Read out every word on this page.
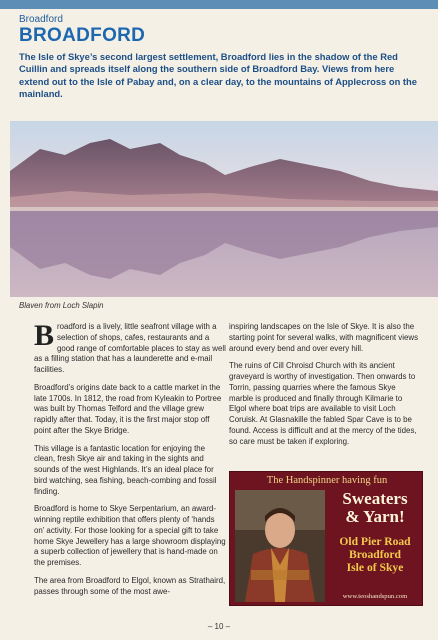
Broadford
BROADFORD
The Isle of Skye’s second largest settlement, Broadford lies in the shadow of the Red Cuillin and spreads itself along the southern side of Broadford Bay. Views from here extend out to the Isle of Pabay and, on a clear day, to the mountains of Applecross on the mainland.
Blaven from Loch Slapin

Broadford is a lively, little seafront village with a selection of shops, cafes, restaurants and a good range of comfortable places to stay as well as a filling station that has a launderette and e-mail facilities.

Broadford’s origins date back to a cattle market in the late 1700s. In 1812, the road from Kyleakin to Portree was built by Thomas Telford and the village grew rapidly after that. Today, it is the first major stop off point after the Skye Bridge.

This village is a fantastic location for enjoying the clean, fresh Skye air and taking in the sights and sounds of the west Highlands. It’s an ideal place for bird watching, sea fishing, beach-combing and fossil finding.

Broadford is home to Skye Serpentarium, an award-winning reptile exhibition that offers plenty of ‘hands on’ activity. For those looking for a special gift to take home Skye Jewellery has a large showroom displaying a superb collection of jewellery that is hand-made on the premises.

The area from Broadford to Elgol, known as Strathaird, passes through some of the most awe-

inspiring landscapes on the Isle of Skye. It is also the starting point for several walks, with magnificent views around every bend and over every hill.

The ruins of Cill Chroisd Church with its ancient graveyard is worthy of investigation. Then onwards to Torrin, passing quarries where the famous Skye marble is produced and finally through Kilmarie to Elgol where boat trips are available to visit Loch Coruisk. At Glasnakille the fabled Spar Cave is to be found. Access is difficult and at the mercy of the tides, so care must be taken if exploring.

The Handspinner having fun
Sweaters
& Yarn!
Old Pier Road
Broadford
Isle of Skye
www.teoshandspun.com
– 10 –
